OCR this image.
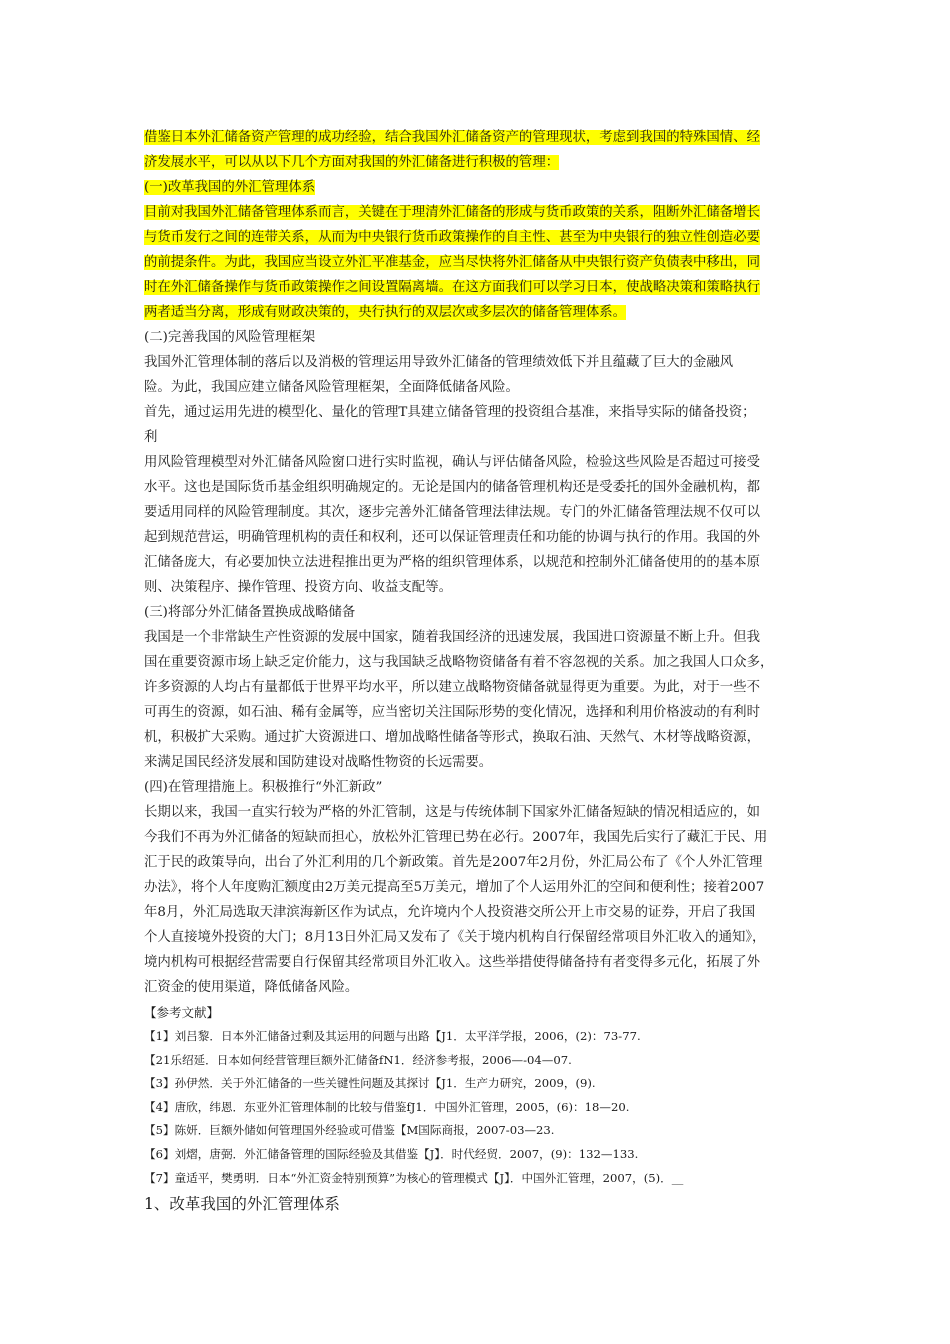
借鉴日本外汇储备资产管理的成功经验，结合我国外汇储备资产的管理现状，考虑到我国的特殊国情、经
济发展水平，可以从以下几个方面对我国的外汇储备进行积极的管理：
(一)改革我国的外汇管理体系
目前对我国外汇储备管理体系而言，关键在于理清外汇储备的形成与货币政策的关系，阻断外汇储备增长
与货币发行之间的连带关系，从而为中央银行货币政策操作的自主性、甚至为中央银行的独立性创造必要
的前提条件。为此，我国应当设立外汇平准基金，应当尽快将外汇储备从中央银行资产负债表中移出，同
时在外汇储备操作与货币政策操作之间设置隔离墙。在这方面我们可以学习日本，使战略决策和策略执行
两者适当分离，形成有财政决策的，央行执行的双层次或多层次的储备管理体系。
(二)完善我国的风险管理框架
我国外汇管理体制的落后以及消极的管理运用导致外汇储备的管理绩效低下并且蕴藏了巨大的金融风
险。为此，我国应建立储备风险管理框架，全面降低储备风险。
首先，通过运用先进的模型化、量化的管理T具建立储备管理的投资组合基准，来指导实际的储备投资；
利
用风险管理模型对外汇储备风险窗口进行实时监视，确认与评估储备风险，检验这些风险是否超过可接受
水平。这也是国际货币基金组织明确规定的。无论是国内的储备管理机构还是受委托的国外金融机构，都
要适用同样的风险管理制度。其次，逐步完善外汇储备管理法律法规。专门的外汇储备管理法规不仅可以
起到规范营运，明确管理机构的责任和权利，还可以保证管理责任和功能的协调与执行的作用。我国的外
汇储备庞大，有必要加快立法进程推出更为严格的组织管理体系，以规范和控制外汇储备使用的的基本原
则、决策程序、操作管理、投资方向、收益支配等。
(三)将部分外汇储备置换成战略储备
我国是一个非常缺生产性资源的发展中国家，随着我国经济的迅速发展，我国进口资源量不断上升。但我
国在重要资源市场上缺乏定价能力，这与我国缺乏战略物资储备有着不容忽视的关系。加之我国人口众多，
许多资源的人均占有量都低于世界平均水平，所以建立战略物资储备就显得更为重要。为此，对于一些不
可再生的资源，如石油、稀有金属等，应当密切关注国际形势的变化情况，选择和利用价格波动的有利时
机，积极扩大采购。通过扩大资源进口、增加战略性储备等形式，换取石油、天然气、木材等战略资源，
来满足国民经济发展和国防建设对战略性物资的长远需要。
(四)在管理措施上。积极推行“外汇新政”
长期以来，我国一直实行较为严格的外汇管制，这是与传统体制下国家外汇储备短缺的情况相适应的，如
今我们不再为外汇储备的短缺而担心，放松外汇管理已势在必行。2007年，我国先后实行了藏汇于民、用
汇于民的政策导向，出台了外汇利用的几个新政策。首先是2007年2月份，外汇局公布了《个人外汇管理
办法》，将个人年度购汇额度由2万美元提高至5万美元，增加了个人运用外汇的空间和便利性；接着2007
年8月，外汇局选取天津滨海新区作为试点，允许境内个人投资港交所公开上市交易的证券，开启了我国
个人直接境外投资的大门；8月13日外汇局又发布了《关于境内机构自行保留经常项目外汇收入的通知》，
境内机构可根据经营需要自行保留其经常项目外汇收入。这些举措使得储备持有者变得多元化，拓展了外
汇资金的使用渠道，降低储备风险。
【参考文献】
【1】刘吕黎．日本外汇储备过剩及其运用的问题与出路【J1．太平洋学报，2006，(2)：73-77.
【21乐绍延．日本如何经营管理巨额外汇储备fN1．经济参考报，2006—-04—07.
【3】孙伊然．关于外汇储备的一些关键性问题及其探讨【J1．生产力研究，2009，(9).
【4】唐欣，纬恩．东亚外汇管理体制的比较与借鉴fJ1．中国外汇管理，2005，(6)：18—20.
【5】陈妍．巨额外储如何管理国外经验或可借鉴【M国际商报，2007-03—23.
【6】刘熠，唐弼．外汇储备管理的国际经验及其借鉴【J】．时代经贸．2007，(9)：132—133.
【7】童适平，樊勇明．日本“外汇资金特别预算”为核心的管理模式【J】．中国外汇管理，2007，(5)．__
1、改革我国的外汇管理体系
